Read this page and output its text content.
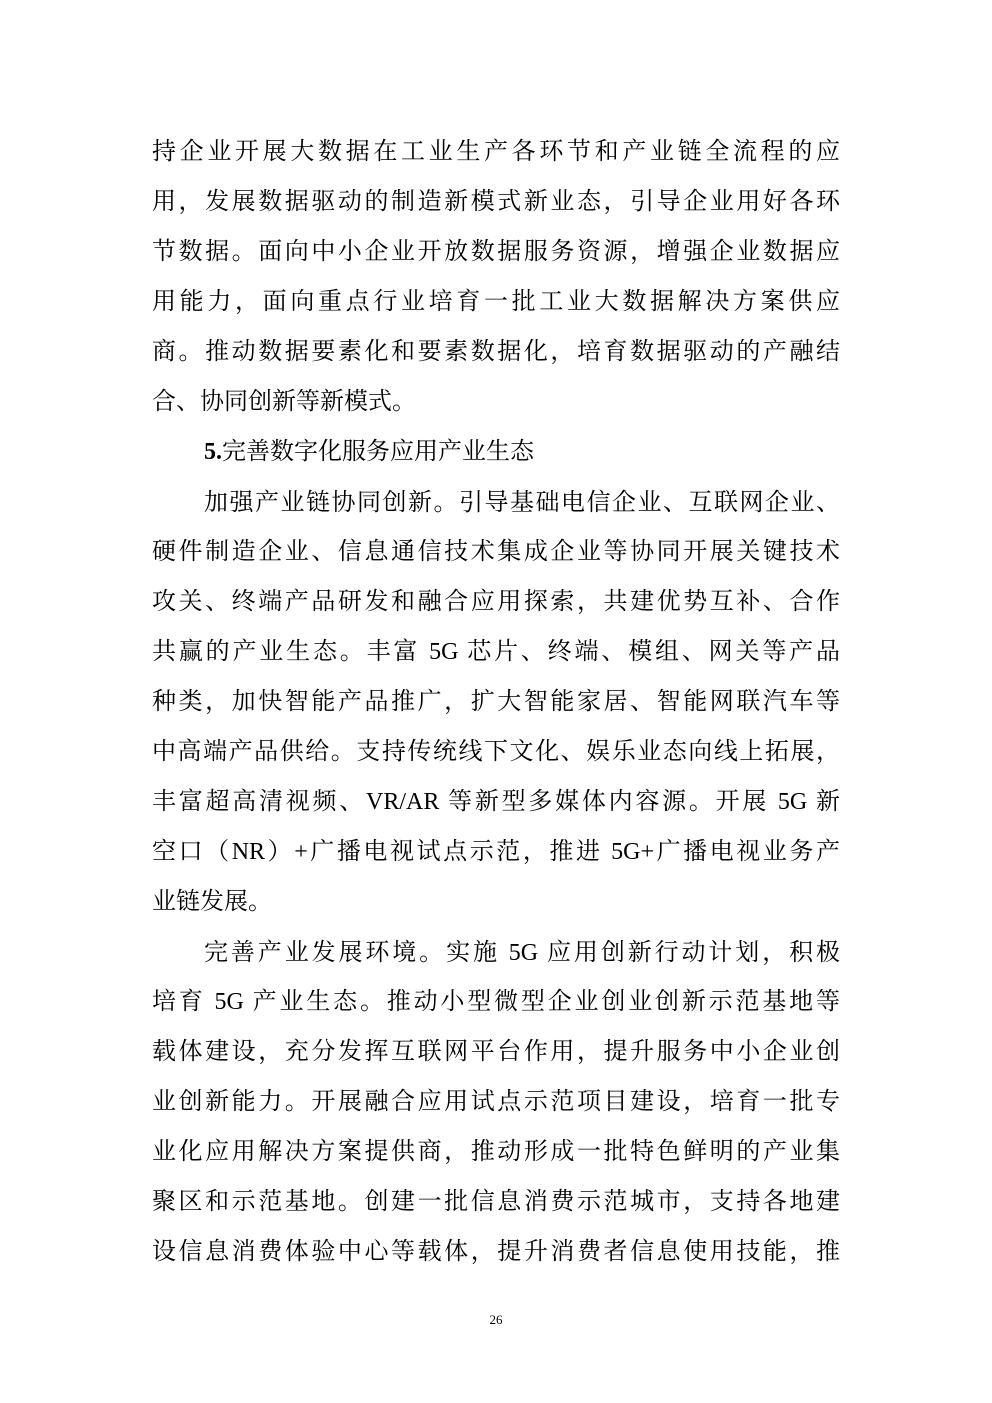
持企业开展大数据在工业生产各环节和产业链全流程的应
用，发展数据驱动的制造新模式新业态，引导企业用好各环
节数据。面向中小企业开放数据服务资源，增强企业数据应
用能力，面向重点行业培育一批工业大数据解决方案供应
商。推动数据要素化和要素数据化，培育数据驱动的产融结
合、协同创新等新模式。
5.完善数字化服务应用产业生态
加强产业链协同创新。引导基础电信企业、互联网企业、
硬件制造企业、信息通信技术集成企业等协同开展关键技术
攻关、终端产品研发和融合应用探索，共建优势互补、合作
共赢的产业生态。丰富 5G 芯片、终端、模组、网关等产品
种类，加快智能产品推广，扩大智能家居、智能网联汽车等
中高端产品供给。支持传统线下文化、娱乐业态向线上拓展，
丰富超高清视频、VR/AR 等新型多媒体内容源。开展 5G 新
空口（NR）+广播电视试点示范，推进 5G+广播电视业务产
业链发展。
完善产业发展环境。实施 5G 应用创新行动计划，积极
培育 5G 产业生态。推动小型微型企业创业创新示范基地等
载体建设，充分发挥互联网平台作用，提升服务中小企业创
业创新能力。开展融合应用试点示范项目建设，培育一批专
业化应用解决方案提供商，推动形成一批特色鲜明的产业集
聚区和示范基地。创建一批信息消费示范城市，支持各地建
设信息消费体验中心等载体，提升消费者信息使用技能，推
26
